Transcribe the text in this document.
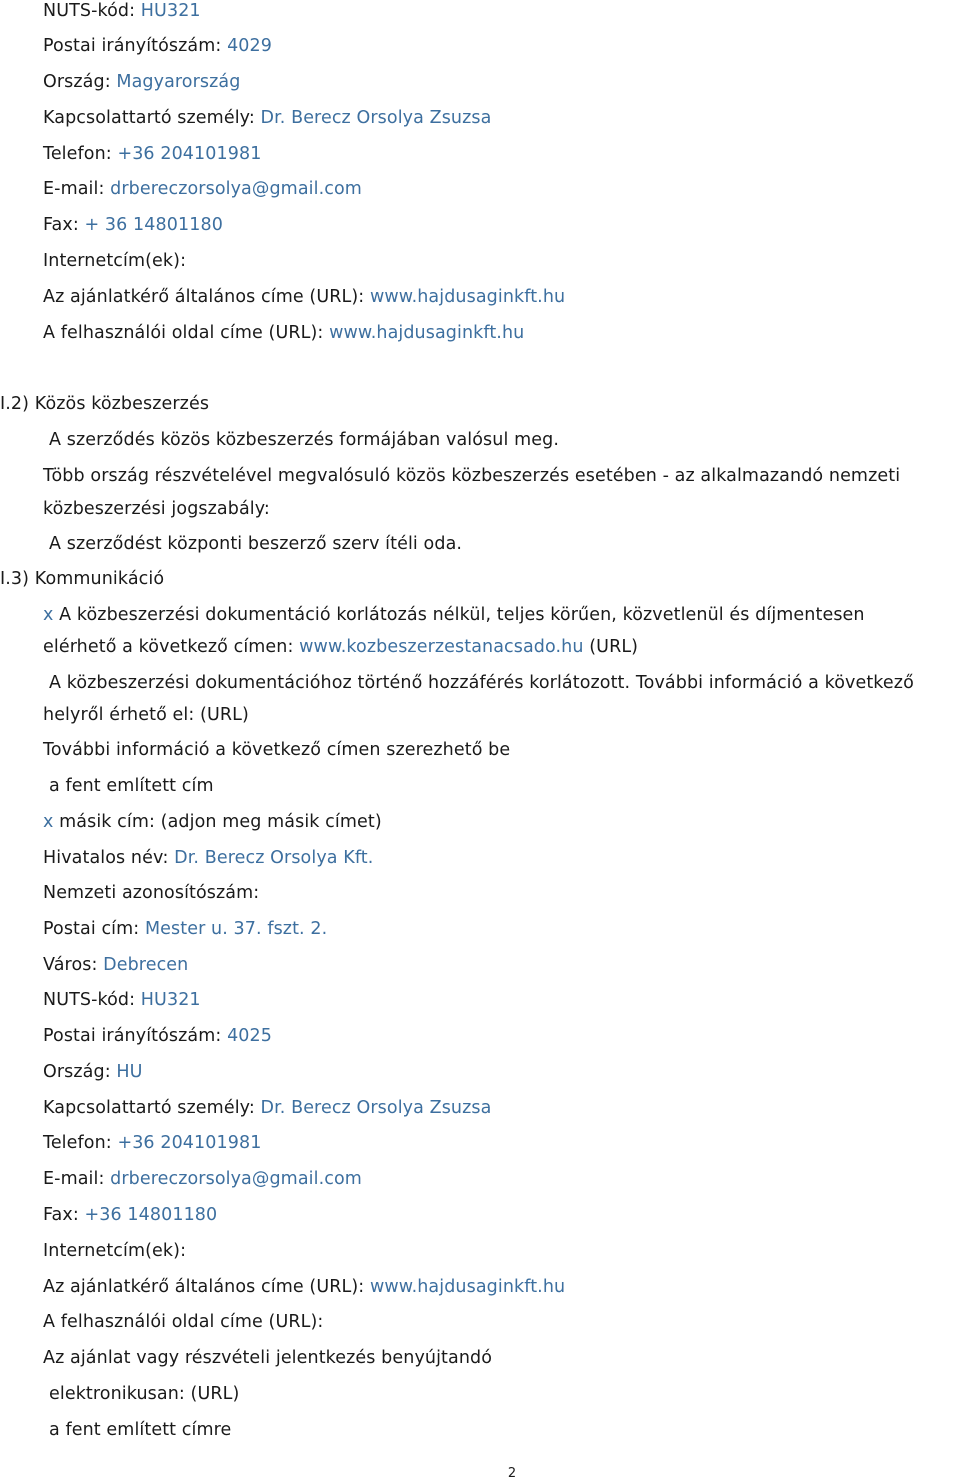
NUTS-kód: HU321
Postai irányítószám: 4029
Ország: Magyarország
Kapcsolattartó személy: Dr. Berecz Orsolya Zsuzsa
Telefon: +36 204101981
E-mail: drbereczorsolya@gmail.com
Fax: + 36 14801180
Internetcím(ek):
Az ajánlatkérő általános címe (URL): www.hajdusaginkft.hu
A felhasználói oldal címe (URL): www.hajdusaginkft.hu
I.2) Közös közbeszerzés
A szerződés közös közbeszerzés formájában valósul meg.
Több ország részvételével megvalósuló közös közbeszerzés esetében - az alkalmazandó nemzeti
közbeszerzési jogszabály:
A szerződést központi beszerző szerv ítéli oda.
I.3) Kommunikáció
x A közbeszerzési dokumentáció korlátozás nélkül, teljes körűen, közvetlenül és díjmentesen
elérhető a következő címen: www.kozbeszerzestanacsado.hu (URL)
A közbeszerzési dokumentációhoz történő hozzáférés korlátozott. További információ a következő
helyről érhető el: (URL)
További információ a következő címen szerezhető be
a fent említett cím
x másik cím: (adjon meg másik címet)
Hivatalos név: Dr. Berecz Orsolya Kft.
Nemzeti azonosítószám:
Postai cím: Mester u. 37. fszt. 2.
Város: Debrecen
NUTS-kód: HU321
Postai irányítószám: 4025
Ország: HU
Kapcsolattartó személy: Dr. Berecz Orsolya Zsuzsa
Telefon: +36 204101981
E-mail: drbereczorsolya@gmail.com
Fax: +36 14801180
Internetcím(ek):
Az ajánlatkérő általános címe (URL): www.hajdusaginkft.hu
A felhasználói oldal címe (URL):
Az ajánlat vagy részvételi jelentkezés benyújtandó
elektronikusan: (URL)
a fent említett címre
2
